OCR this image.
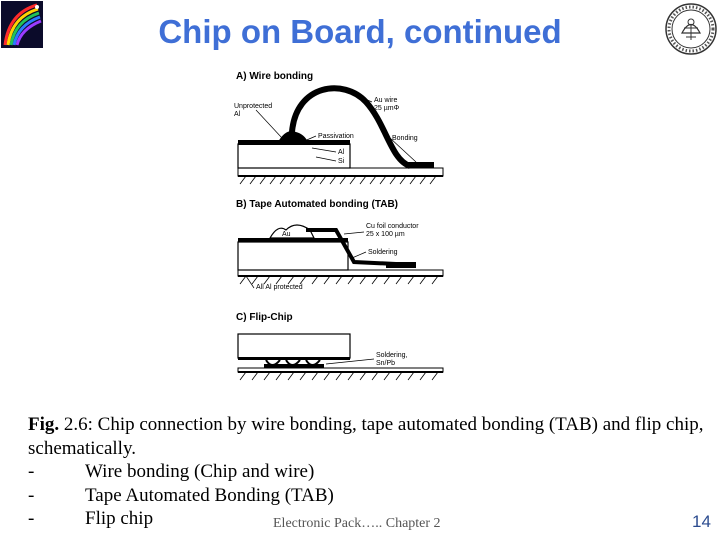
Chip on Board, continued
A) Wire bonding
Unprotected
Al
Au wire
25 µmΦ
Passivation	Bonding
Al
Si
B) Tape Automated bonding (TAB)
Au
Cu foil conductor
25 x 100 µm
Soldering
All Al protected
C) Flip-Chip
Soldering,
Sn/Pb

Fig. 2.6: Chip connection by wire bonding, tape automated bonding (TAB) and flip chip, schematically.

-	Wire bonding (Chip and wire)

-	Tape Automated Bonding (TAB)

-	Flip chip	Electronic Pack….. Chapter 2	14
